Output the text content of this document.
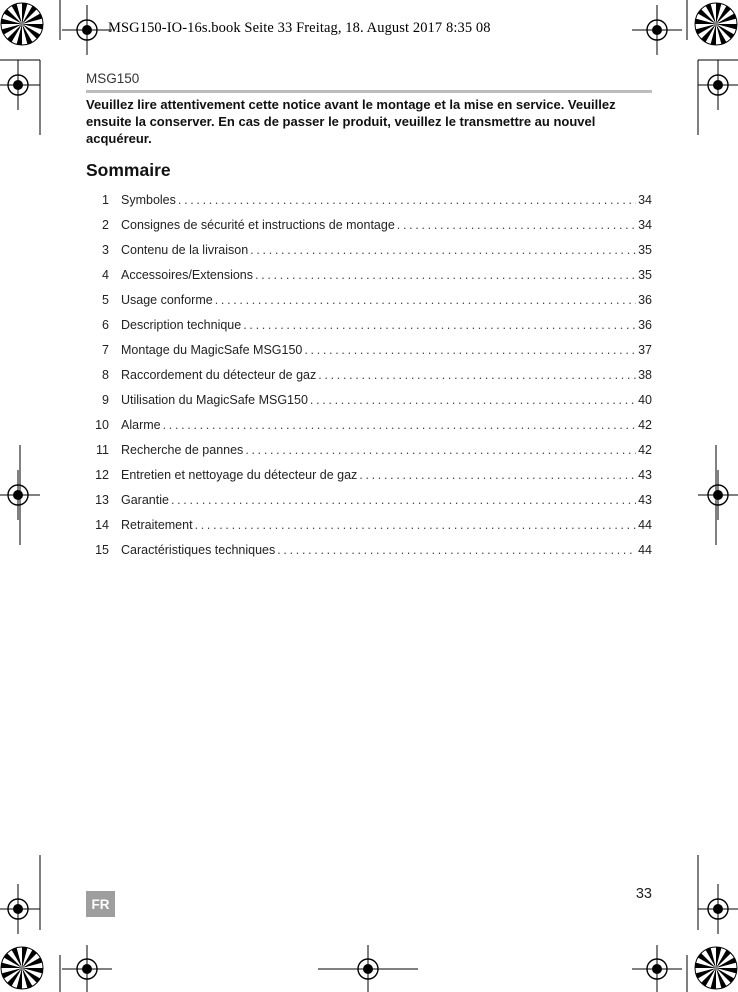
MSG150-IO-16s.book Seite 33 Freitag, 18. August 2017 8:35 08
MSG150
Veuillez lire attentivement cette notice avant le montage et la mise en service. Veuillez ensuite la conserver. En cas de passer le produit, veuillez le transmettre au nouvel acquéreur.
Sommaire
1 Symboles .....	34
2 Consignes de sécurité et instructions de montage .....	34
3 Contenu de la livraison .....	35
4 Accessoires/Extensions .....	35
5 Usage conforme .....	36
6 Description technique .....	36
7 Montage du MagicSafe MSG150 .....	37
8 Raccordement du détecteur de gaz .....	38
9 Utilisation du MagicSafe MSG150 .....	40
10 Alarme .....	42
11 Recherche de pannes .....	42
12 Entretien et nettoyage du détecteur de gaz .....	43
13 Garantie .....	43
14 Retraitement .....	44
15 Caractéristiques techniques .....	44
FR
33
